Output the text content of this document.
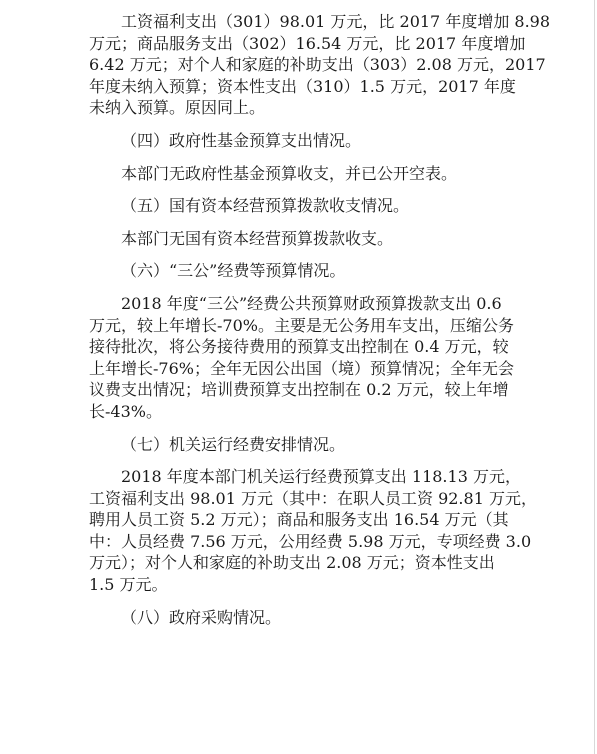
工资福利支出（301）98.01 万元，比 2017 年度增加 8.98
万元；商品服务支出（302）16.54 万元，比 2017 年度增加
6.42 万元；对个人和家庭的补助支出（303）2.08 万元，2017
年度未纳入预算；资本性支出（310）1.5 万元，2017 年度
未纳入预算。原因同上。
（四）政府性基金预算支出情况。
本部门无政府性基金预算收支，并已公开空表。
（五）国有资本经营预算拨款收支情况。
本部门无国有资本经营预算拨款收支。
（六）“三公”经费等预算情况。
2018 年度“三公”经费公共预算财政预算拨款支出 0.6
万元，较上年增长-70%。主要是无公务用车支出，压缩公务
接待批次，将公务接待费用的预算支出控制在 0.4 万元，较
上年增长-76%；全年无因公出国（境）预算情况；全年无会
议费支出情况；培训费预算支出控制在 0.2 万元，较上年增
长-43%。
（七）机关运行经费安排情况。
2018 年度本部门机关运行经费预算支出 118.13 万元，
工资福利支出 98.01 万元（其中：在职人员工资 92.81 万元，
聘用人员工资 5.2 万元）；商品和服务支出 16.54 万元（其
中：人员经费 7.56 万元，公用经费 5.98 万元，专项经费 3.0
万元）；对个人和家庭的补助支出 2.08 万元；资本性支出
1.5 万元。
（八）政府采购情况。
